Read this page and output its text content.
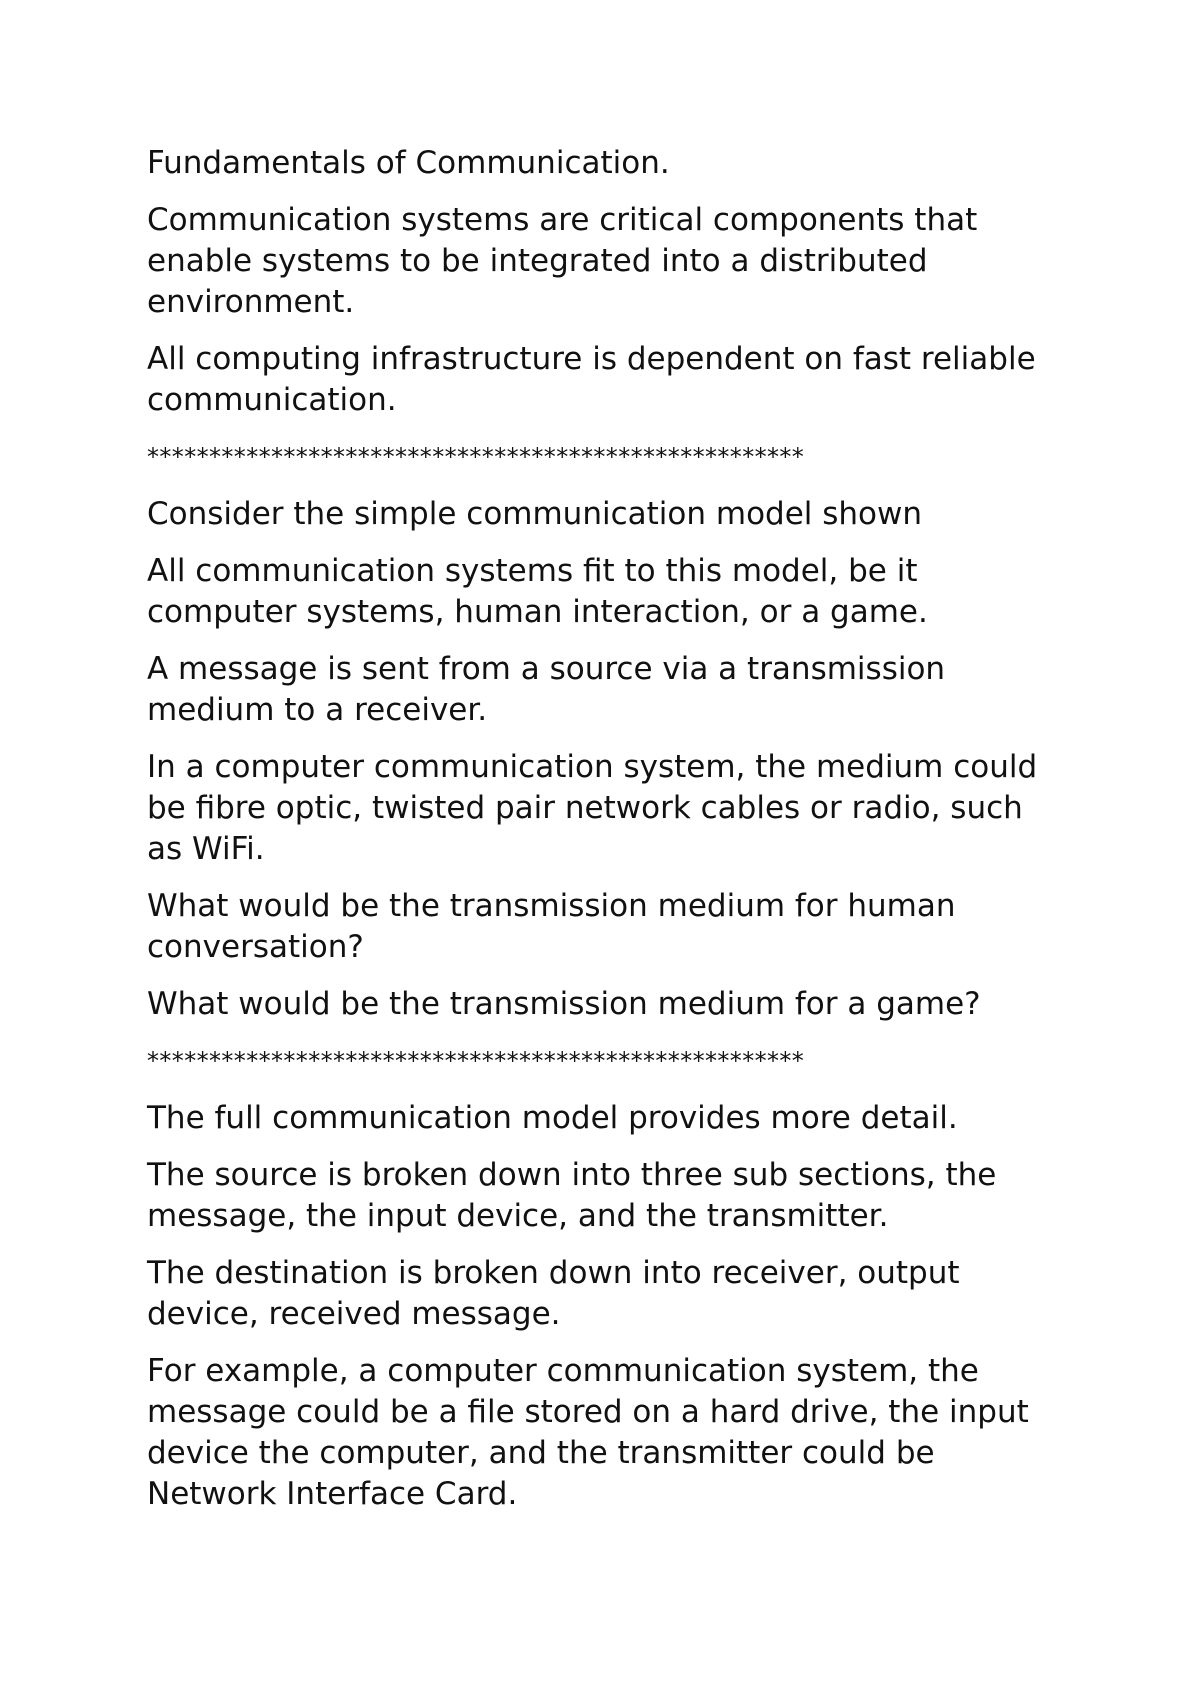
Fundamentals of Communication.

Communication systems are critical components that enable systems to be integrated into a distributed environment.

All computing infrastructure is dependent on fast reliable communication.

*****************************************************

Consider the simple communication model shown

All communication systems fit to this model, be it computer systems, human interaction, or a game.

A message is sent from a source via a transmission medium to a receiver.

In a computer communication system, the medium could be fibre optic, twisted pair network cables or radio, such as WiFi.

What would be the transmission medium for human conversation?

What would be the transmission medium for a game?

*****************************************************

The full communication model provides more detail.

The source is broken down into three sub sections, the message, the input device, and the transmitter.

The destination is broken down into receiver, output device, received message.

For example, a computer communication system, the message could be a file stored on a hard drive, the input device the computer, and the transmitter could be Network Interface Card.
